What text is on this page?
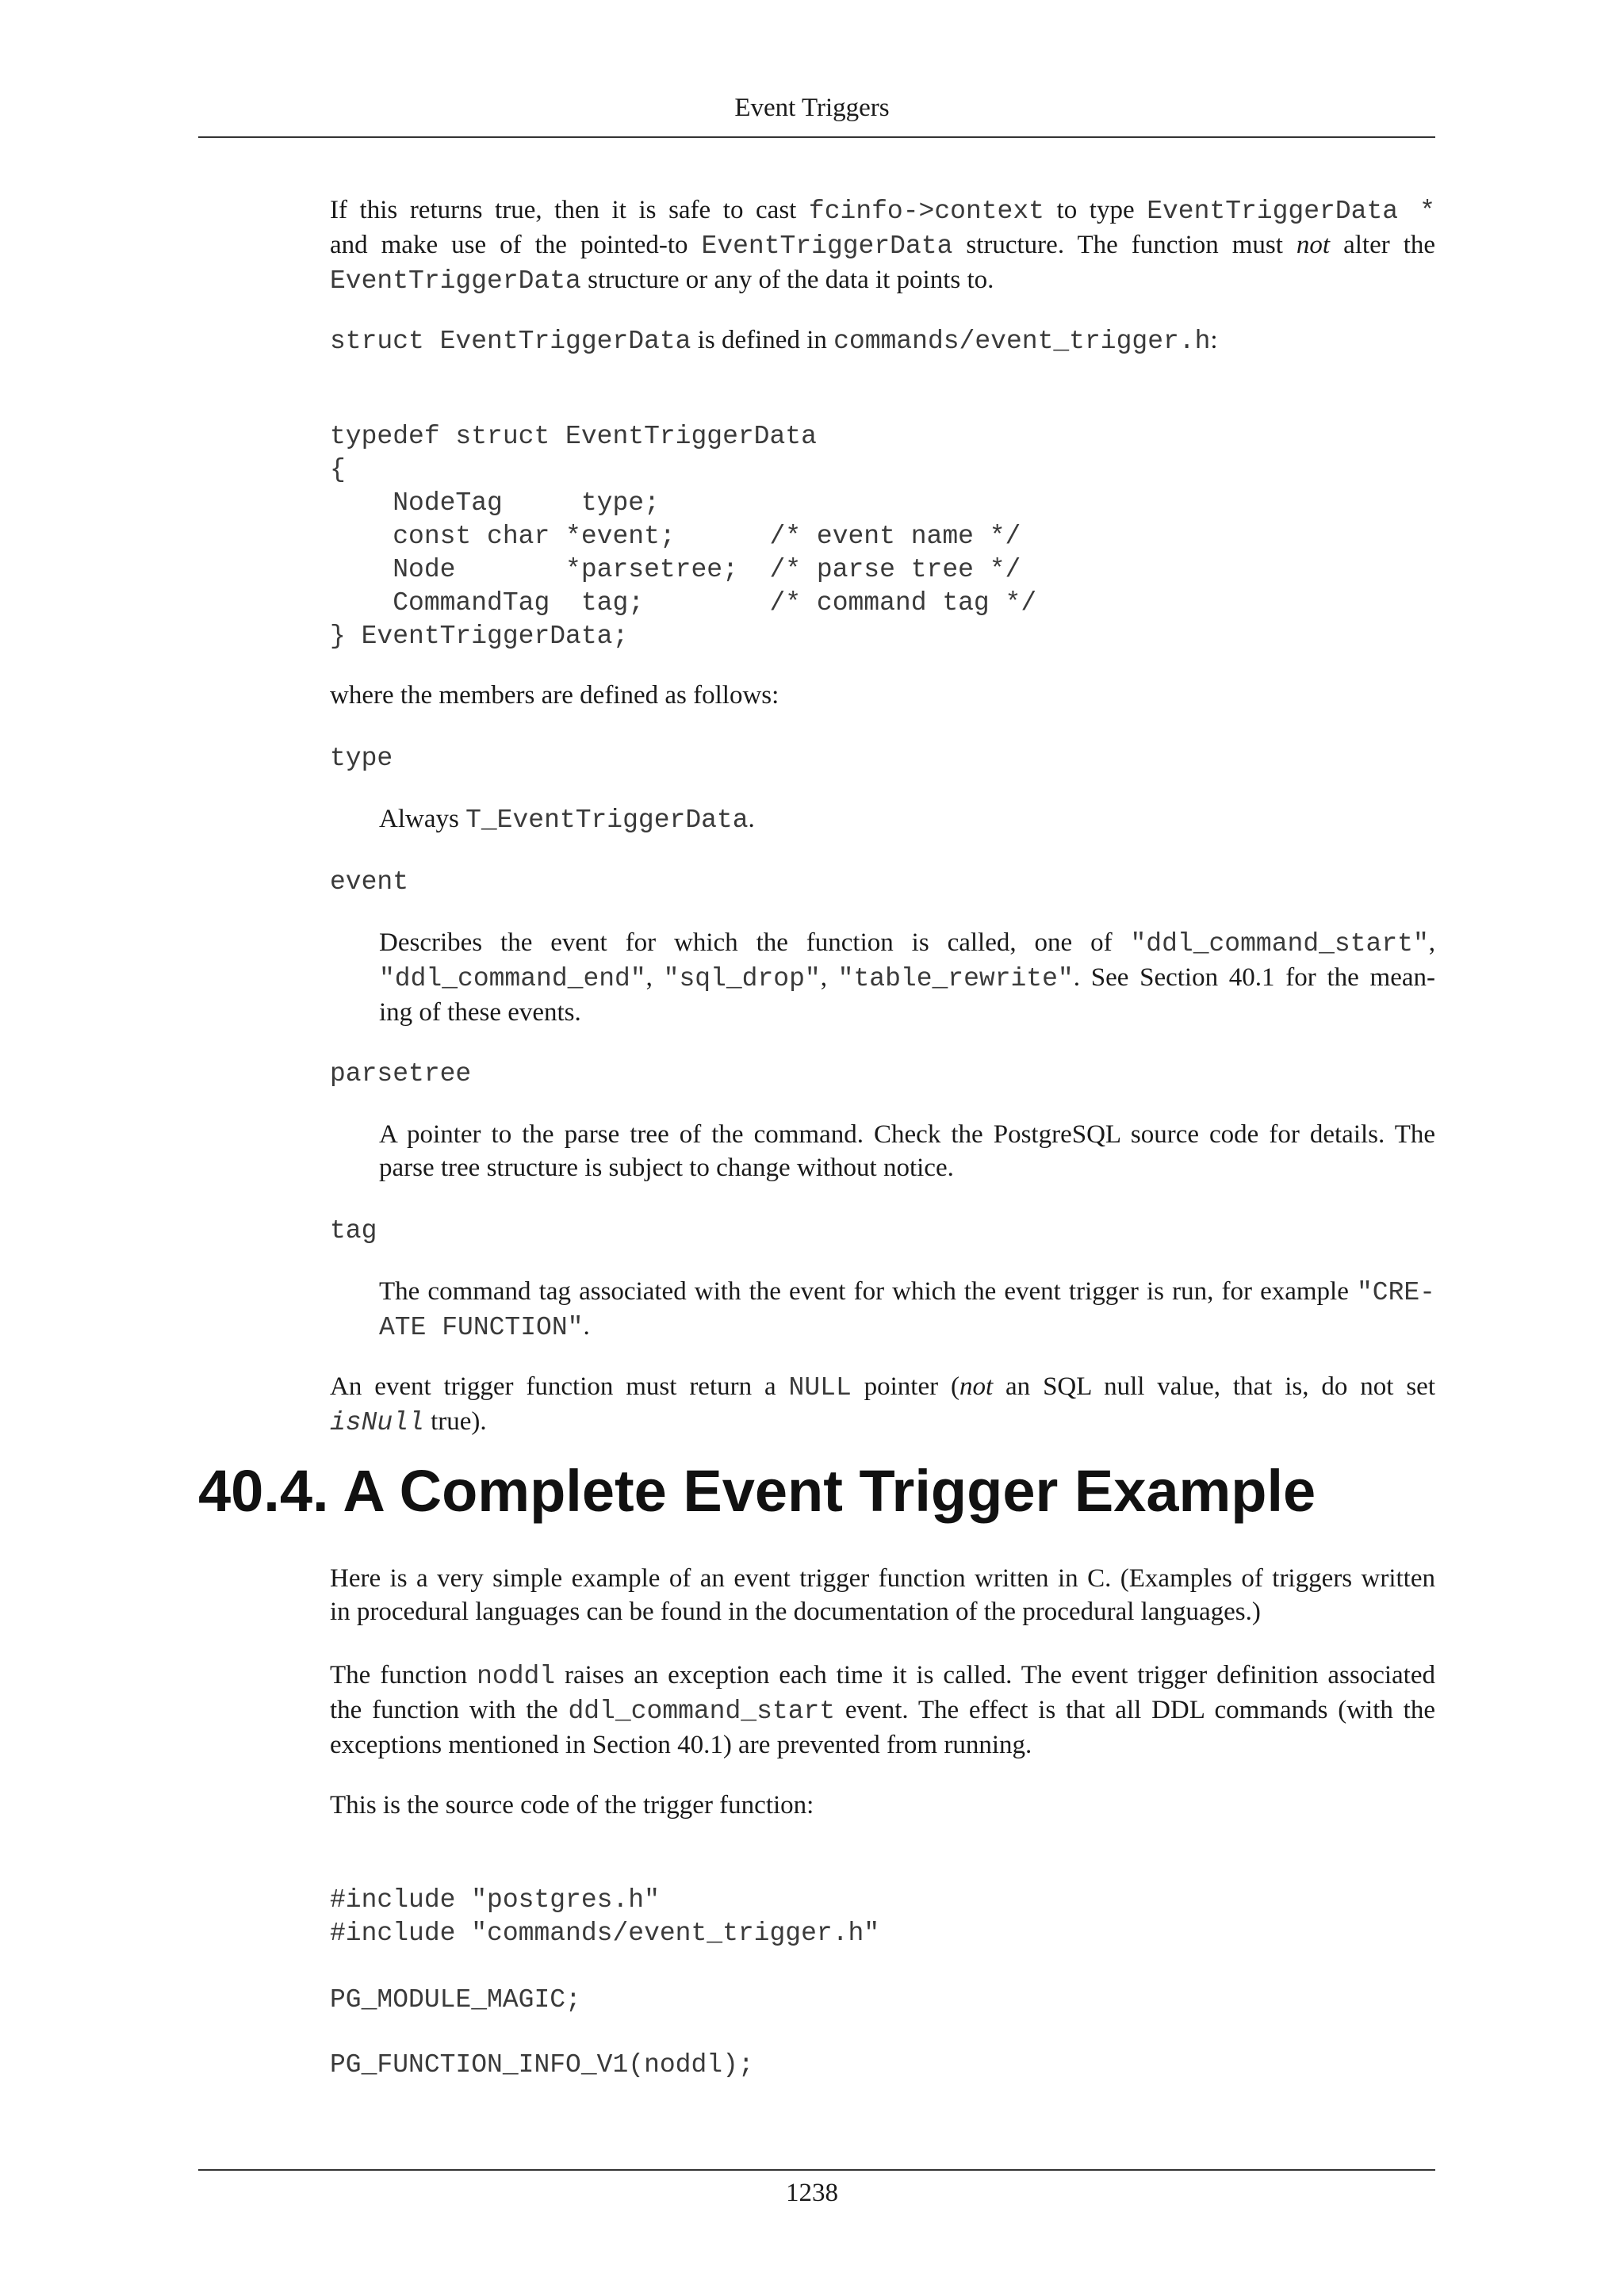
Event Triggers
If this returns true, then it is safe to cast fcinfo->context to type EventTriggerData *
and make use of the pointed-to EventTriggerData structure. The function must not alter the
EventTriggerData structure or any of the data it points to.
struct EventTriggerData is defined in commands/event_trigger.h:
typedef struct EventTriggerData
{
NodeTag     type;
const char *event;      /* event name */
Node       *parsetree;  /* parse tree */
CommandTag  tag;        /* command tag */
} EventTriggerData;
where the members are defined as follows:
type
Always T_EventTriggerData.
event
Describes the event for which the function is called, one of "ddl_command_start",
"ddl_command_end", "sql_drop", "table_rewrite". See Section 40.1 for the mean-
ing of these events.
parsetree
A pointer to the parse tree of the command. Check the PostgreSQL source code for details. The
parse tree structure is subject to change without notice.
tag
The command tag associated with the event for which the event trigger is run, for example "CRE-
ATE FUNCTION".
An event trigger function must return a NULL pointer (not an SQL null value, that is, do not set
isNull true).
40.4. A Complete Event Trigger Example
Here is a very simple example of an event trigger function written in C. (Examples of triggers written
in procedural languages can be found in the documentation of the procedural languages.)
The function noddl raises an exception each time it is called. The event trigger definition associated
the function with the ddl_command_start event. The effect is that all DDL commands (with the
exceptions mentioned in Section 40.1) are prevented from running.
This is the source code of the trigger function:
#include "postgres.h"
#include "commands/event_trigger.h"
PG_MODULE_MAGIC;
PG_FUNCTION_INFO_V1(noddl);
1238
